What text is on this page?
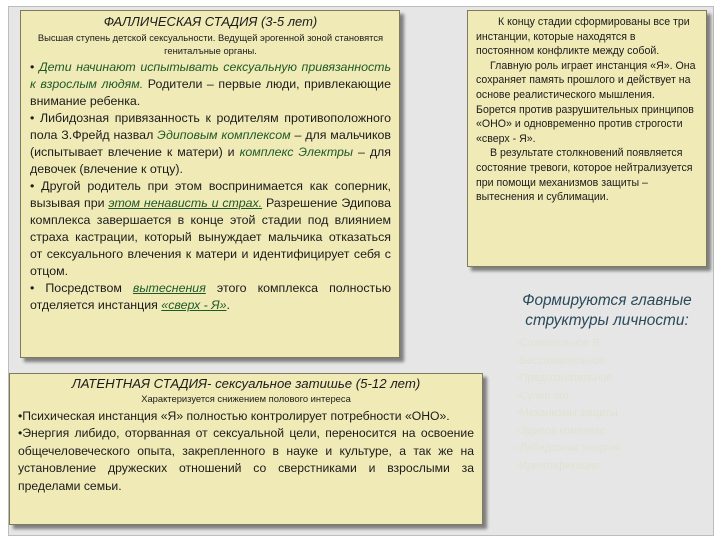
ФАЛЛИЧЕСКАЯ СТАДИЯ (3-5 лет)
Высшая ступень детской сексуальности. Ведущей эрогенной зоной становятся гениталъные органы.

• Дети начинают испытывать сексуальную привязанность к взрослым людям. Родители – первые люди, привлекающие внимание ребенка.

• Либидозная привязанность к родителям противоположного пола З.Фрейд назвал Эдиповым комплексом – для мальчиков (испытывает влечение к матери) и комплекс Электры – для девочек (влечение к отцу).

• Другой родитель при этом воспринимается как соперник, вызывая при этом ненависть и страх. Разрешение Эдипова комплекса завершается в конце этой стадии под влиянием страха кастрации, который вынуждает мальчика отказаться от сексуального влечения к матери и идентифицирует себя с отцом.

• Посредством вытеснения этого комплекса полностью отделяется инстанция «сверх - Я».

ЛАТЕНТНАЯ СТАДИЯ- сексуальное затишье (5-12 лет)
Характеризуется снижением полового интереса

•Психическая инстанция «Я» полностью контролирует потребности «ОНО».

•Энергия либидо, оторванная от сексуальной цели, переносится на освоение общечеловеческого опыта, закрепленного в науке и культуре, а так же на установление дружеских отношений со сверстниками и взрослыми за пределами семьи.

К концу стадии сформированы все три инстанции, которые находятся в постоянном конфликте между собой.

Главную роль играет инстанция «Я». Она сохраняет память прошлого и действует на основе реалистического мышления. Борется против разрушительных принципов «ОНО» и одновременно против строгости «сверх - Я».

В результате столкновений появляется состояние тревоги, которое нейтрализуется при помощи механизмов защиты – вытеснения и сублимации.

Формируются главные структуры личности:
▫ Сознательное Я
▫ Бессознательное
▫ Предсознательное
▫ Супер-эго
▫ Механизмы защиты
▫ Эдипов комплекс
▫ Либидозная энергия
▫ Идентификация
